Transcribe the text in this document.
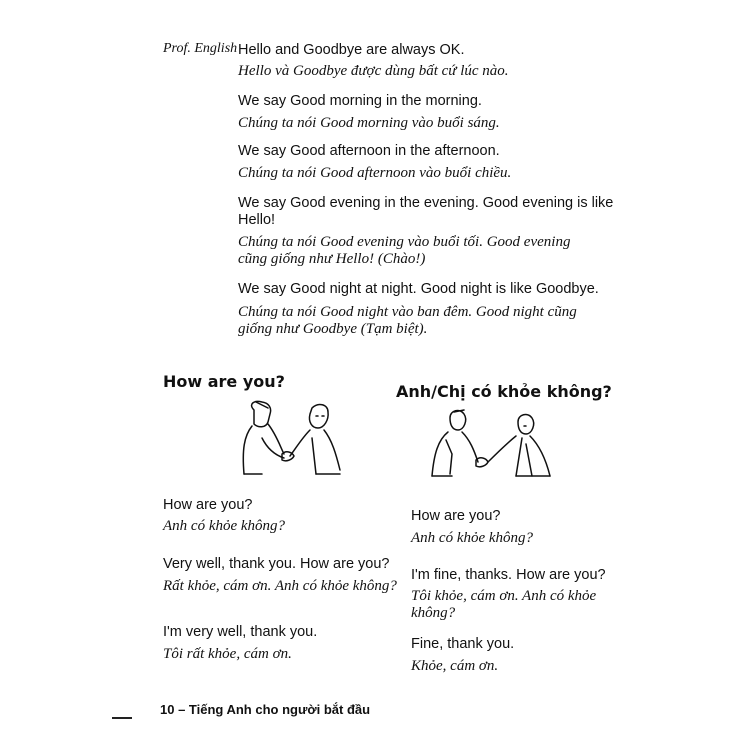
Prof. English Hello and Goodbye are always OK.
Hello và Goodbye được dùng bất cứ lúc nào.
We say Good morning in the morning.
Chúng ta nói Good morning vào buổi sáng.
We say Good afternoon in the afternoon.
Chúng ta nói Good afternoon vào buổi chiều.
We say Good evening in the evening. Good evening is like
Hello!
Chúng ta nói Good evening vào buổi tối. Good evening
cũng giống như Hello! (Chào!)
We say Good night at night. Good night is like Goodbye.
Chúng ta nói Good night vào ban đêm. Good night cũng
giống như Goodbye (Tạm biệt).
How are you?
How are you?
Anh có khỏe không?
Very well, thank you. How are you?
Rất khỏe, cám ơn. Anh có khỏe không?
I'm very well, thank you.
Tôi rất khỏe, cám ơn.
Anh/Chị có khỏe không?
How are you?
Anh có khỏe không?
I'm fine, thanks. How are you?
Tôi khỏe, cám ơn. Anh có khỏe
không?
Fine, thank you.
Khỏe, cám ơn.
10 – Tiếng Anh cho người bắt đầu
